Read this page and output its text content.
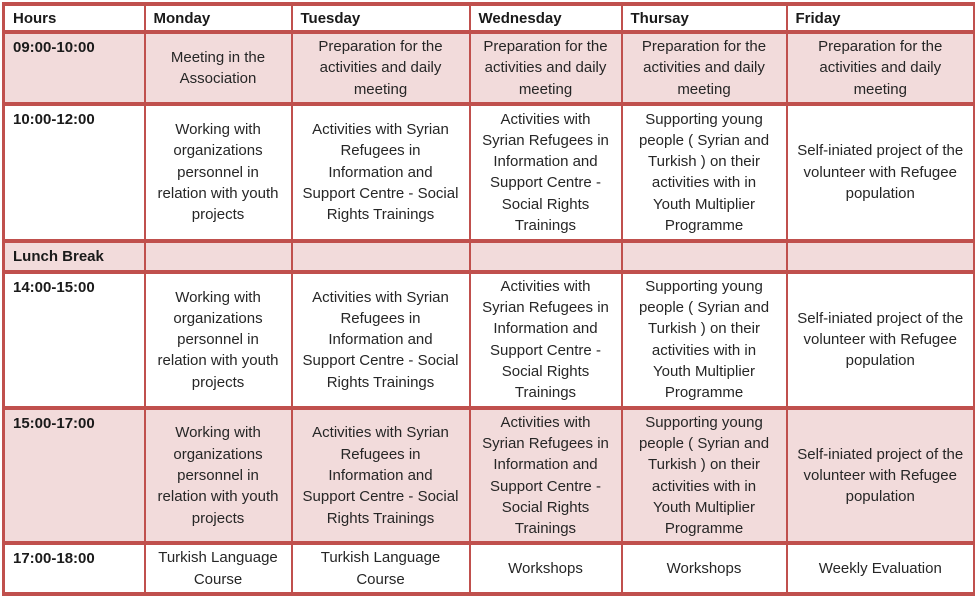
Hours	Monday	Tuesday	Wednesday	Thursay	Friday
09:00-10:00	Meeting in the Association	Preparation for the activities and daily meeting	Preparation for the activities and daily meeting	Preparation for the activities and daily meeting	Preparation for the activities and daily meeting
10:00-12:00	Working with organizations personnel in relation with youth projects	Activities with Syrian Refugees in Information and Support Centre - Social Rights Trainings	Activities with Syrian Refugees in Information and Support Centre - Social Rights Trainings	Supporting young people ( Syrian and Turkish ) on their activities with in Youth Multiplier Programme	Self-iniated project of the volunteer with Refugee population
Lunch Break					
14:00-15:00	Working with organizations personnel in relation with youth projects	Activities with Syrian Refugees in Information and Support Centre - Social Rights Trainings	Activities with Syrian Refugees in Information and Support Centre - Social Rights Trainings	Supporting young people ( Syrian and Turkish ) on their activities with in Youth Multiplier Programme	Self-iniated project of the volunteer with Refugee population
15:00-17:00	Working with organizations personnel in relation with youth projects	Activities with Syrian Refugees in Information and Support Centre - Social Rights Trainings	Activities with Syrian Refugees in Information and Support Centre - Social Rights Trainings	Supporting young people ( Syrian and Turkish ) on their activities with in Youth Multiplier Programme	Self-iniated project of the volunteer with Refugee population
17:00-18:00	Turkish Language Course	Turkish Language Course	Workshops	Workshops	Weekly Evaluation
